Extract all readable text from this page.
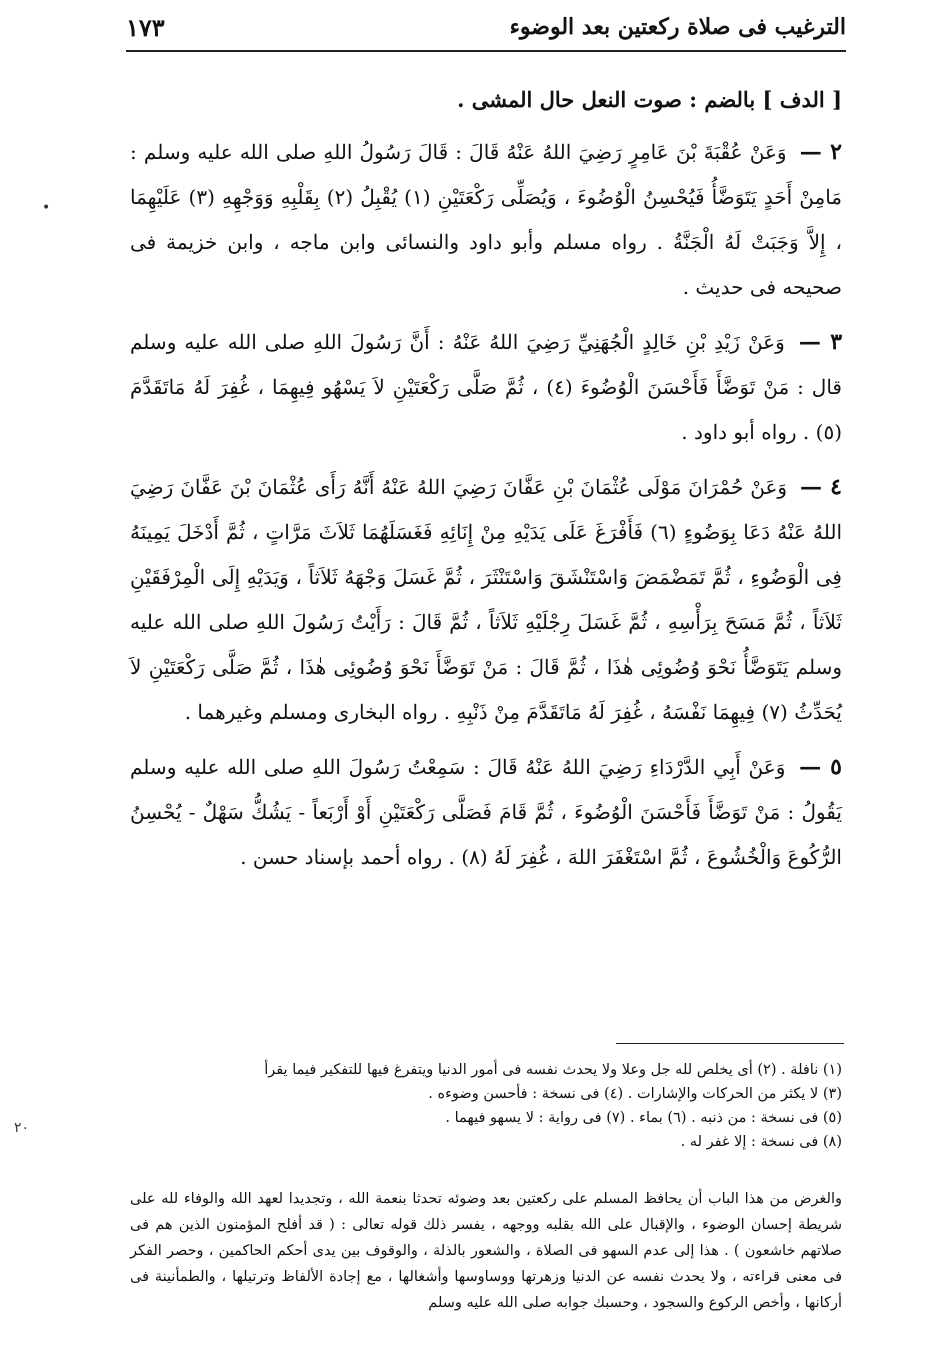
الترغيب فى صلاة ركعتين بعد الوضوء
١٧٣

[ الدف ] بالضم : صوت النعل حال المشى .

٢ — وَعَنْ عُقْبَةَ بْنَ عَامِرٍ رَضِيَ اللهُ عَنْهُ قَالَ : قَالَ رَسُولُ اللهِ صلى الله عليه وسلم : مَامِنْ أَحَدٍ يَتَوَضَّأُ فَيُحْسِنُ الْوُضُوءَ ، وَيُصَلِّى رَكْعَتَيْنِ (١) يُقْبِلُ (٢) بِقَلْبِهِ وَوَجْهِهِ (٣) عَلَيْهِمَا ، إِلاَّ وَجَبَتْ لَهُ الْجَنَّةُ . رواه مسلم وأبو داود والنسائى وابن ماجه ، وابن خزيمة فى صحيحه فى حديث .

٣ — وَعَنْ زَيْدِ بْنِ خَالِدٍ الْجُهَنِيِّ رَضِيَ اللهُ عَنْهُ : أَنَّ رَسُولَ اللهِ صلى الله عليه وسلم قال : مَنْ تَوَضَّأَ فَأَحْسَنَ الْوُضُوءَ (٤) ، ثُمَّ صَلَّى رَكْعَتَيْنِ لاَ يَسْهُو فِيهِمَا ، غُفِرَ لَهُ مَاتَقَدَّمَ (٥) . رواه أبو داود .

٤ — وَعَنْ حُمْرَانَ مَوْلَى عُثْمَانَ بْنِ عَفَّانَ رَضِيَ اللهُ عَنْهُ أَنَّهُ رَأَى عُثْمَانَ بْنَ عَفَّانَ رَضِيَ اللهُ عَنْهُ دَعَا بِوَضُوءٍ (٦) فَأَفْرَغَ عَلَى يَدَيْهِ مِنْ إِنَائِهِ فَغَسَلَهُمَا ثَلاَثَ مَرَّاتٍ ، ثُمَّ أَدْخَلَ يَمِينَهُ فِى الْوَضُوءِ ، ثُمَّ تَمَضْمَضَ وَاسْتَنْشَقَ وَاسْتَنْثَرَ ، ثُمَّ غَسَلَ وَجْهَهُ ثَلاَثاً ، وَيَدَيْهِ إِلَى الْمِرْفَقَيْنِ ثَلاَثاً ، ثُمَّ مَسَحَ بِرَأْسِهِ ، ثُمَّ غَسَلَ رِجْلَيْهِ ثَلاَثاً ، ثُمَّ قَالَ : رَأَيْتُ رَسُولَ اللهِ صلى الله عليه وسلم يَتَوَضَّأُ نَحْوَ وُضُوئِى هٰذَا ، ثُمَّ قَالَ : مَنْ تَوَضَّأَ نَحْوَ وُضُوئِى هٰذَا ، ثُمَّ صَلَّى رَكْعَتَيْنِ لاَ يُحَدِّثُ (٧) فِيهِمَا نَفْسَهُ ، غُفِرَ لَهُ مَاتَقَدَّمَ مِنْ ذَنْبِهِ . رواه البخارى ومسلم وغيرهما .

٥ — وَعَنْ أَبِي الدَّرْدَاءِ رَضِيَ اللهُ عَنْهُ قَالَ : سَمِعْتُ رَسُولَ اللهِ صلى الله عليه وسلم يَقُولُ : مَنْ تَوَضَّأَ فَأَحْسَنَ الْوُضُوءَ ، ثُمَّ قَامَ فَصَلَّى رَكْعَتَيْنِ أَوْ أَرْبَعاً - يَشُكُّ سَهْلٌ - يُحْسِنُ الرُّكُوعَ وَالْخُشُوعَ ، ثُمَّ اسْتَغْفَرَ اللهَ ، غُفِرَ لَهُ (٨) . رواه أحمد بإسناد حسن .

(١) نافلة . (٢) أى يخلص لله جل وعلا ولا يحدث نفسه فى أمور الدنيا ويتفرغ فيها للتفكير فيما يقرأ

(٣) لا يكثر من الحركات والإشارات . (٤) فى نسخة : فأحسن وضوءه .

(٥) فى نسخة : من ذنبه . (٦) بماء . (٧) فى رواية : لا يسهو فيهما .

(٨) فى نسخة : إلا غفر له .

والغرض من هذا الباب أن يحافظ المسلم على ركعتين بعد وضوئه تحدثا بنعمة الله ، وتجديدا لعهد الله والوفاء لله على شريطة إحسان الوضوء ، والإقبال على الله بقلبه ووجهه ، يفسر ذلك قوله تعالى : ( قد أفلح المؤمنون الذين هم فى صلاتهم خاشعون ) . هذا إلى عدم السهو فى الصلاة ، والشعور بالذلة ، والوقوف بين يدى أحكم الحاكمين ، وحصر الفكر فى معنى قراءته ، ولا يحدث نفسه عن الدنيا وزهرتها ووساوسها وأشغالها ، مع إجادة الألفاظ وترتيلها ، والطمأنينة فى أركانها ، وأخص الركوع والسجود ، وحسبك جوابه صلى الله عليه وسلم
•
٢٠
